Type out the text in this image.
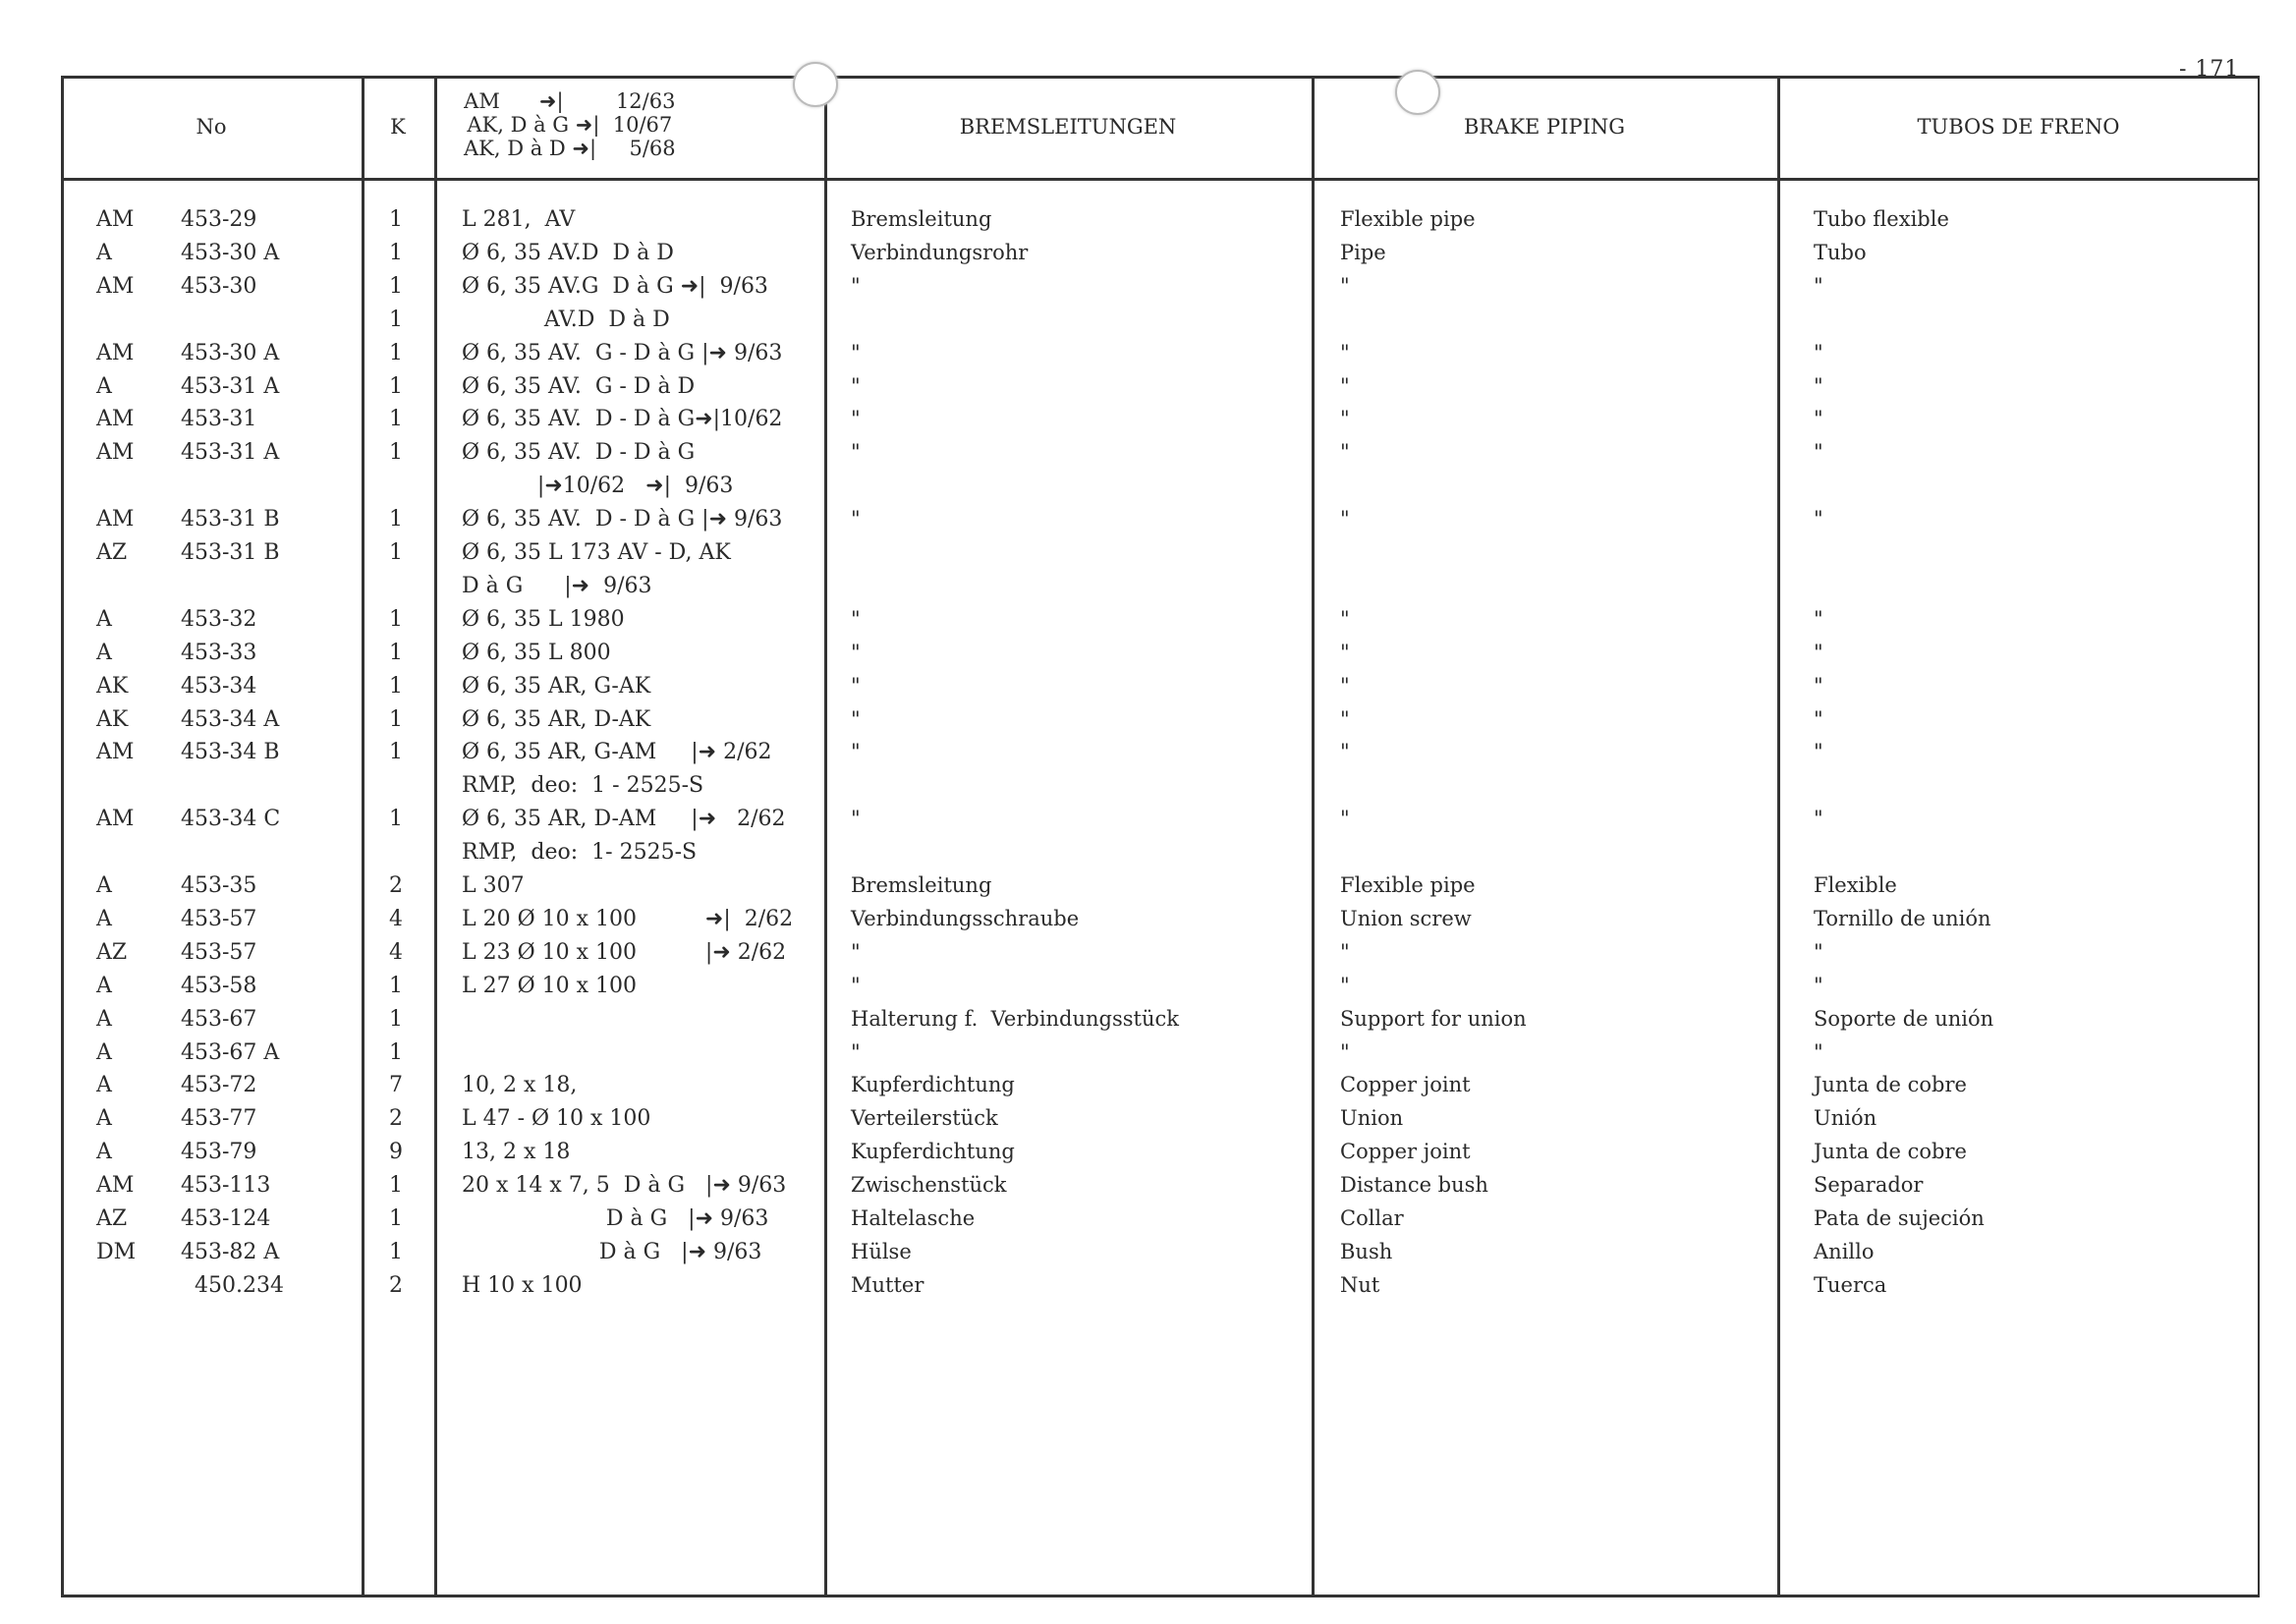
- 171
No	K
AM      ➜|        12/63
AK, D à G ➜|  10/67
AK, D à D ➜|     5/68
BREMSLEITUNGEN	BRAKE PIPING	TUBOS DE FRENO
AM 453-29	1	L 281,  AV	Bremsleitung	Flexible pipe	Tubo flexible
A	453-30 A	1	Ø 6, 35 AV.D  D à D	Verbindungsrohr	Pipe	Tubo
AM 453-30	1	Ø 6, 35 AV.G  D à G ➜|  9/63	"	"	"
1	AV.D  D à D
AM 453-30 A	1	Ø 6, 35 AV.  G - D à G |➜ 9/63	"	"	"
A	453-31 A	1	Ø 6, 35 AV.  G - D à D	"	"	"
AM 453-31	1	Ø 6, 35 AV.  D - D à G➜|10/62	"	"	"
AM 453-31 A	1	Ø 6, 35 AV.  D - D à G	"	"	"
|➜10/62   ➜|  9/63
AM 453-31 B	1	Ø 6, 35 AV.  D - D à G |➜ 9/63	"	"	"
AZ 453-31 B	1	Ø 6, 35 L 173 AV - D, AK
D à G      |➜  9/63
A	453-32	1	Ø 6, 35 L 1980	"	"	"
A	453-33	1	Ø 6, 35 L 800	"	"	"
AK 453-34	1	Ø 6, 35 AR, G-AK	"	"	"
AK 453-34 A	1	Ø 6, 35 AR, D-AK	"	"	"
AM 453-34 B	1	Ø 6, 35 AR, G-AM     |➜ 2/62	"	"	"
RMP,  deo:  1 - 2525-S
AM 453-34 C	1	Ø 6, 35 AR, D-AM     |➜   2/62	"	"	"
RMP,  deo:  1- 2525-S
A	453-35	2	L 307	Bremsleitung	Flexible pipe	Flexible
A	453-57	4	L 20 Ø 10 x 100          ➜|  2/62	Verbindungsschraube	Union screw	Tornillo de unión
AZ 453-57	4	L 23 Ø 10 x 100          |➜ 2/62	"	"	"
A	453-58	1	L 27 Ø 10 x 100	"	"	"
A	453-67	1	Halterung f.  Verbindungsstück	Support for union	Soporte de unión
A	453-67 A	1	"	"	"
A	453-72	7	10, 2 x 18,	Kupferdichtung	Copper joint	Junta de cobre
A	453-77	2	L 47 - Ø 10 x 100	Verteilerstück	Union	Unión
A	453-79	9	13, 2 x 18	Kupferdichtung	Copper joint	Junta de cobre
AM 453-113	1	20 x 14 x 7, 5  D à G   |➜ 9/63	Zwischenstück	Distance bush	Separador
AZ 453-124	1	D à G   |➜ 9/63	Haltelasche	Collar	Pata de sujeción
DM 453-82 A	1	D à G   |➜ 9/63	Hülse	Bush	Anillo
450.234	2	H 10 x 100	Mutter	Nut	Tuerca
